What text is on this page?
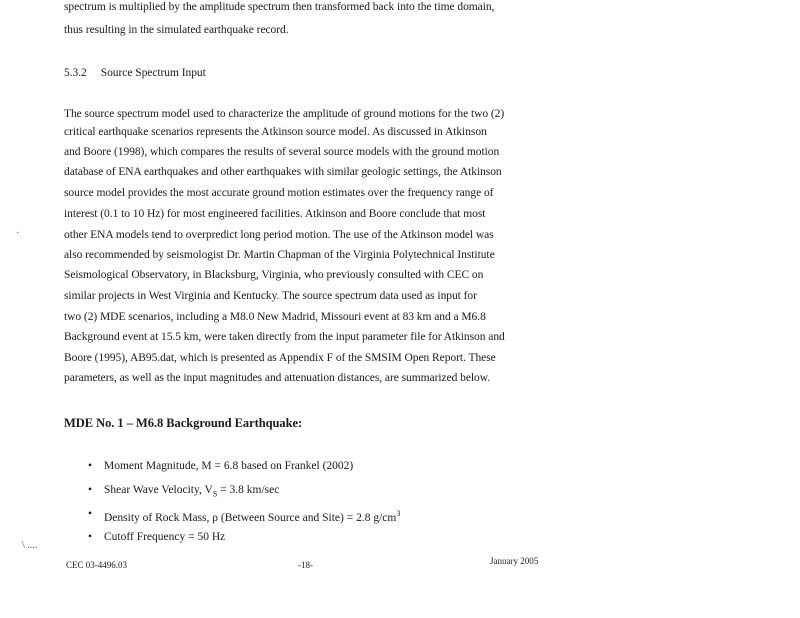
spectrum is multiplied by the amplitude spectrum then transformed back into the time domain,

thus resulting in the simulated earthquake record.

5.3.2 Source Spectrum Input

The source spectrum model used to characterize the amplitude of ground motions for the two (2)

critical earthquake scenarios represents the Atkinson source model. As discussed in Atkinson

and Boore (1998), which compares the results of several source models with the ground motion

database of ENA earthquakes and other earthquakes with similar geologic settings, the Atkinson

source model provides the most accurate ground motion estimates over the frequency range of

interest (0.1 to 10 Hz) for most engineered facilities. Atkinson and Boore conclude that most

other ENA models tend to overpredict long period motion. The use of the Atkinson model was

also recommended by seismologist Dr. Martin Chapman of the Virginia Polytechnical Institute

Seismological Observatory, in Blacksburg, Virginia, who previously consulted with CEC on

similar projects in West Virginia and Kentucky. The source spectrum data used as input for

two (2) MDE scenarios, including a M8.0 New Madrid, Missouri event at 83 km and a M6.8

Background event at 15.5 km, were taken directly from the input parameter file for Atkinson and

Boore (1995), AB95.dat, which is presented as Appendix F of the SMSIM Open Report. These

parameters, as well as the input magnitudes and attenuation distances, are summarized below.

MDE No. 1 – M6.8 Background Earthquake:
• Moment Magnitude, M = 6.8 based on Frankel (2002)
• Shear Wave Velocity, $V_S = 3.8$ km/sec
• Density of Rock Mass, ρ (Between Source and Site) = 2.8 $g/cm^3$
• Cutoff Frequency = 50 Hz
·
\ ....
CEC 03-4496.03	-18-	January 2005
